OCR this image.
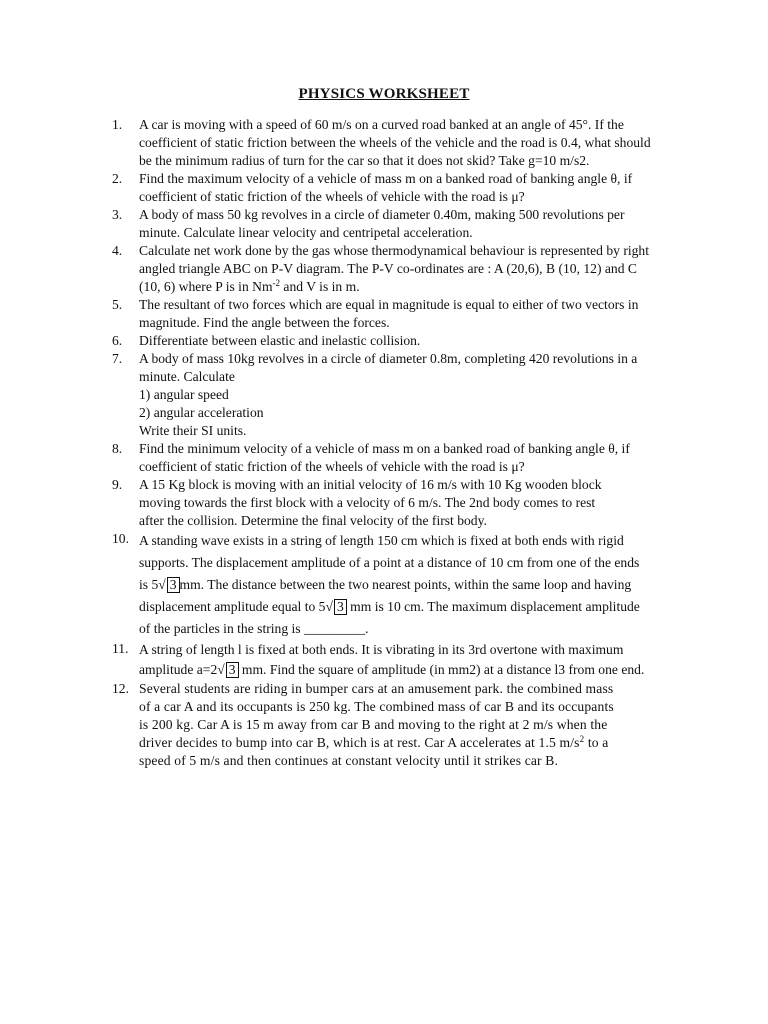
PHYSICS WORKSHEET
1. A car is moving with a speed of 60 m/s on a curved road banked at an angle of 45°. If the
coefficient of static friction between the wheels of the vehicle and the road is 0.4, what should
be the minimum radius of turn for the car so that it does not skid? Take g=10 m/s2.
2. Find the maximum velocity of a vehicle of mass m on a banked road of banking angle θ, if
coefficient of static friction of the wheels of vehicle with the road is μ?
3. A body of mass 50 kg revolves in a circle of diameter 0.40m, making 500 revolutions per
minute. Calculate linear velocity and centripetal acceleration.
4. Calculate net work done by the gas whose thermodynamical behaviour is represented by right
angled triangle ABC on P-V diagram. The P-V co-ordinates are : A (20,6), B (10, 12) and C
(10, 6) where P is in $Nm^{-2}$ and V is in m.
5. The resultant of two forces which are equal in magnitude is equal to either of two vectors in
magnitude. Find the angle between the forces.
6. Differentiate between elastic and inelastic collision.
7. A body of mass 10kg revolves in a circle of diameter 0.8m, completing 420 revolutions in a
minute. Calculate
1) angular speed
2) angular acceleration
Write their SI units.
8. Find the minimum velocity of a vehicle of mass m on a banked road of banking angle θ, if
coefficient of static friction of the wheels of vehicle with the road is μ?
9. A 15 Kg block is moving with an initial velocity of 16 m/s with 10 Kg wooden block
moving towards the first block with a velocity of 6 m/s. The 2nd body comes to rest
after the collision. Determine the final velocity of the first body.
10. A standing wave exists in a string of length 150 cm which is fixed at both ends with rigid
supports. The displacement amplitude of a point at a distance of 10 cm from one of the ends
is 5√ 3 mm. The distance between the two nearest points, within the same loop and having
displacement amplitude equal to 5√ 3 mm is 10 cm. The maximum displacement amplitude
of the particles in the string is _________.
11. A string of length l is fixed at both ends. It is vibrating in its 3rd overtone with maximum
amplitude a=2√ 3 mm. Find the square of amplitude (in mm2) at a distance l3 from one end.
12. Several students are riding in bumper cars at an amusement park. the combined mass
of a car A and its occupants is 250 kg. The combined mass of car B and its occupants
is 200 kg. Car A is 15 m away from car B and moving to the right at 2 m/s when the
driver decides to bump into car B, which is at rest. Car A accelerates at 1.5 $m/s^2$ to a
speed of 5 m/s and then continues at constant velocity until it strikes car B.
